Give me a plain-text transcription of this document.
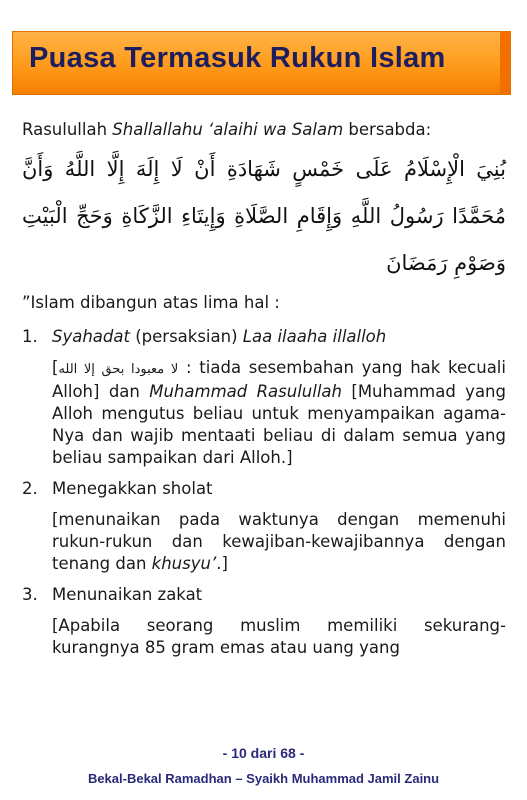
Puasa Termasuk Rukun Islam

Rasulullah Shallallahu ‘alaihi wa Salam bersabda:

بُنِيَ الْإِسْلَامُ عَلَى خَمْسٍ شَهَادَةِ أَنْ لَا إِلَهَ إِلَّا اللَّهُ وَأَنَّ مُحَمَّدًا رَسُولُ اللَّهِ وَإِقَامِ الصَّلَاةِ وَإِيتَاءِ الزَّكَاةِ وَحَجِّ الْبَيْتِ وَصَوْمِ رَمَضَانَ

”Islam dibangun atas lima hal :

1. Syahadat (persaksian) Laa ilaaha illalloh

[لا معبودا بحق إلا الله : tiada sesembahan yang hak kecuali Alloh] dan Muhammad Rasulullah [Muhammad yang Alloh mengutus beliau untuk menyampaikan agama-Nya dan wajib mentaati beliau di dalam semua yang beliau sampaikan dari Alloh.]

2. Menegakkan sholat

[menunaikan pada waktunya dengan memenuhi rukun-rukun dan kewajiban-kewajibannya dengan tenang dan khusyu’.]

3. Menunaikan zakat

[Apabila seorang muslim memiliki sekurang-kurangnya 85 gram emas atau uang yang

- 10 dari 68 -
Bekal-Bekal Ramadhan – Syaikh Muhammad Jamil Zainu
